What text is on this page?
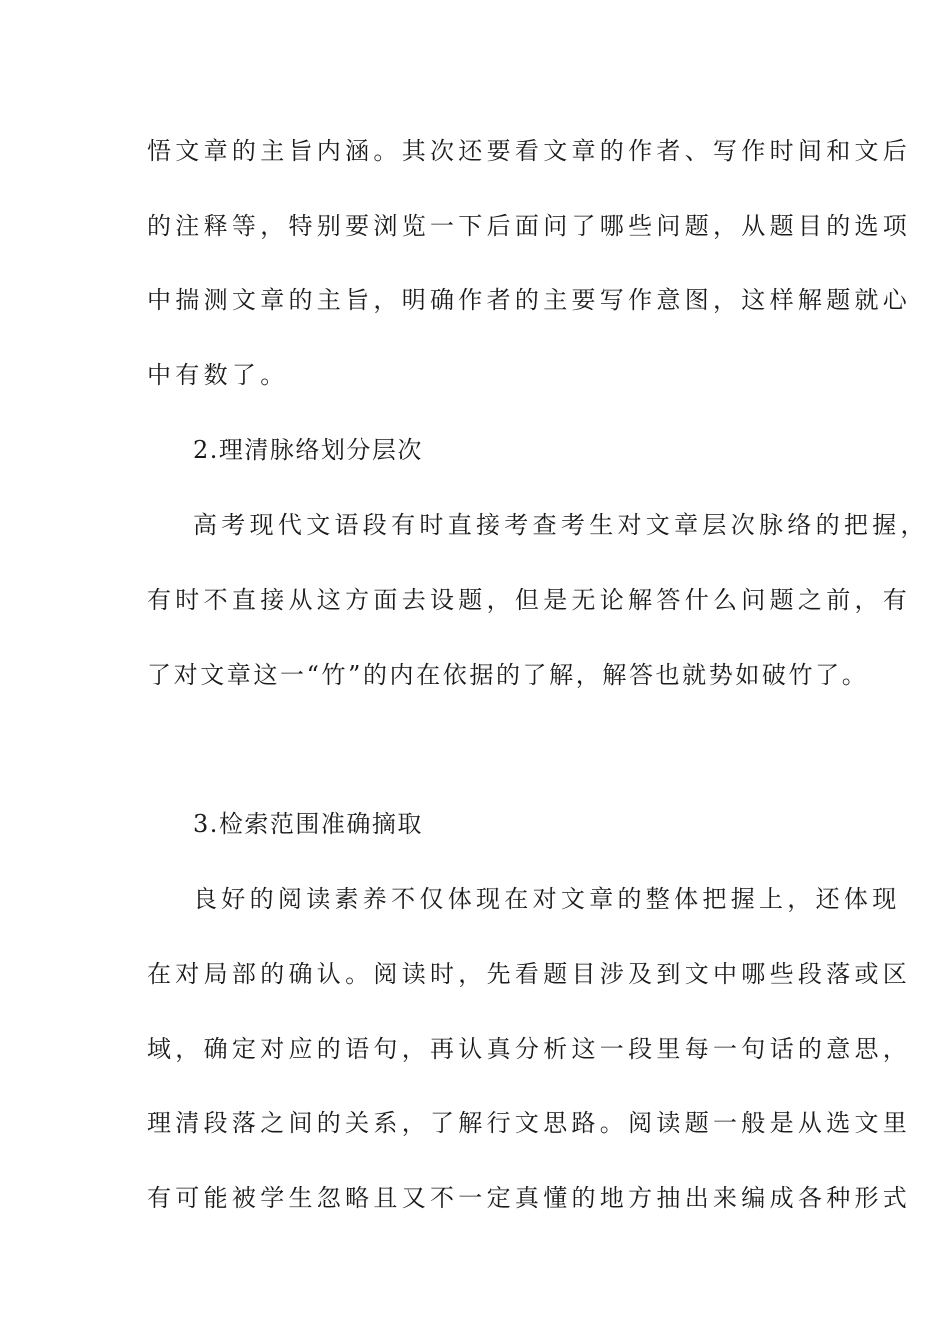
悟文章的主旨内涵。其次还要看文章的作者、写作时间和文后
的注释等，特别要浏览一下后面问了哪些问题，从题目的选项
中揣测文章的主旨，明确作者的主要写作意图，这样解题就心
中有数了。
2.理清脉络划分层次
高考现代文语段有时直接考查考生对文章层次脉络的把握，
有时不直接从这方面去设题，但是无论解答什么问题之前，有
了对文章这一“竹”的内在依据的了解，解答也就势如破竹了。
3.检索范围准确摘取
良好的阅读素养不仅体现在对文章的整体把握上，还体现
在对局部的确认。阅读时，先看题目涉及到文中哪些段落或区
域，确定对应的语句，再认真分析这一段里每一句话的意思，
理清段落之间的关系，了解行文思路。阅读题一般是从选文里
有可能被学生忽略且又不一定真懂的地方抽出来编成各种形式
